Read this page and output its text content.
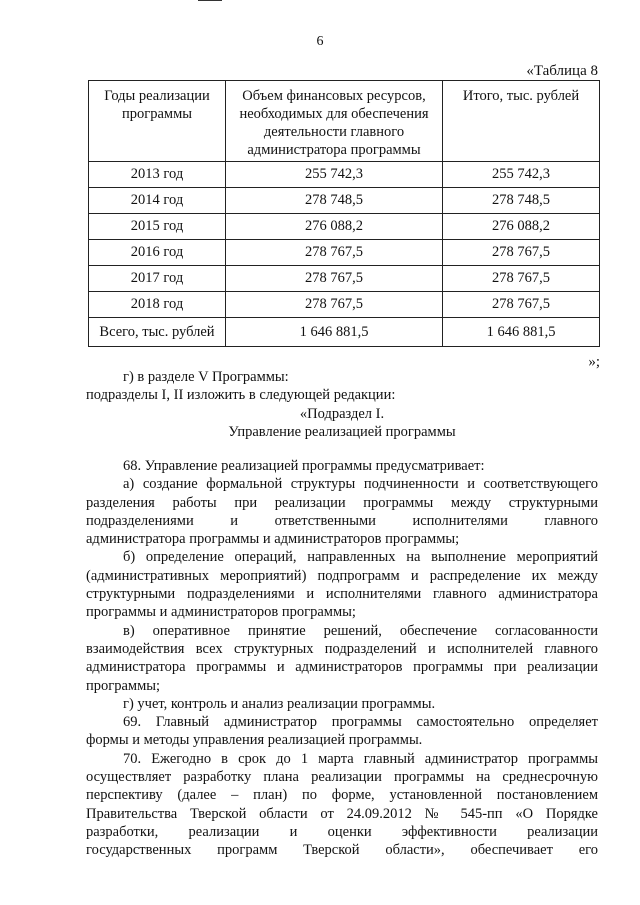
6
«Таблица 8
Годы реализации программы	Объем финансовых ресурсов, необходимых для обеспечения деятельности главного администратора программы	Итого, тыс. рублей
2013 год	255 742,3	255 742,3
2014 год	278 748,5	278 748,5
2015 год	276 088,2	276 088,2
2016 год	278 767,5	278 767,5
2017 год	278 767,5	278 767,5
2018 год	278 767,5	278 767,5
Всего, тыс. рублей	1 646 881,5	1 646 881,5
»;

г) в разделе V Программы:

подразделы I, II изложить в следующей редакции:

«Подраздел I.

Управление реализацией программы

68. Управление реализацией программы предусматривает:
а) создание формальной структуры подчиненности и соответствующего
разделения работы при реализации программы между структурными
подразделениями и ответственными исполнителями главного
администратора программы и администраторов программы;
б) определение операций, направленных на выполнение мероприятий
(административных мероприятий) подпрограмм и распределение их между
структурными подразделениями и исполнителями главного администратора
программы и администраторов программы;
в) оперативное принятие решений, обеспечение согласованности
взаимодействия всех структурных подразделений и исполнителей главного
администратора программы и администраторов программы при реализации
программы;
г) учет, контроль и анализ реализации программы.
69. Главный администратор программы самостоятельно определяет
формы и методы управления реализацией программы.
70. Ежегодно в срок до 1 марта главный администратор программы
осуществляет разработку плана реализации программы на среднесрочную
перспективу (далее – план) по форме, установленной постановлением
Правительства Тверской области от 24.09.2012 № 545-пп «О Порядке
разработки, реализации и оценки эффективности реализации
государственных программ Тверской области», обеспечивает его
